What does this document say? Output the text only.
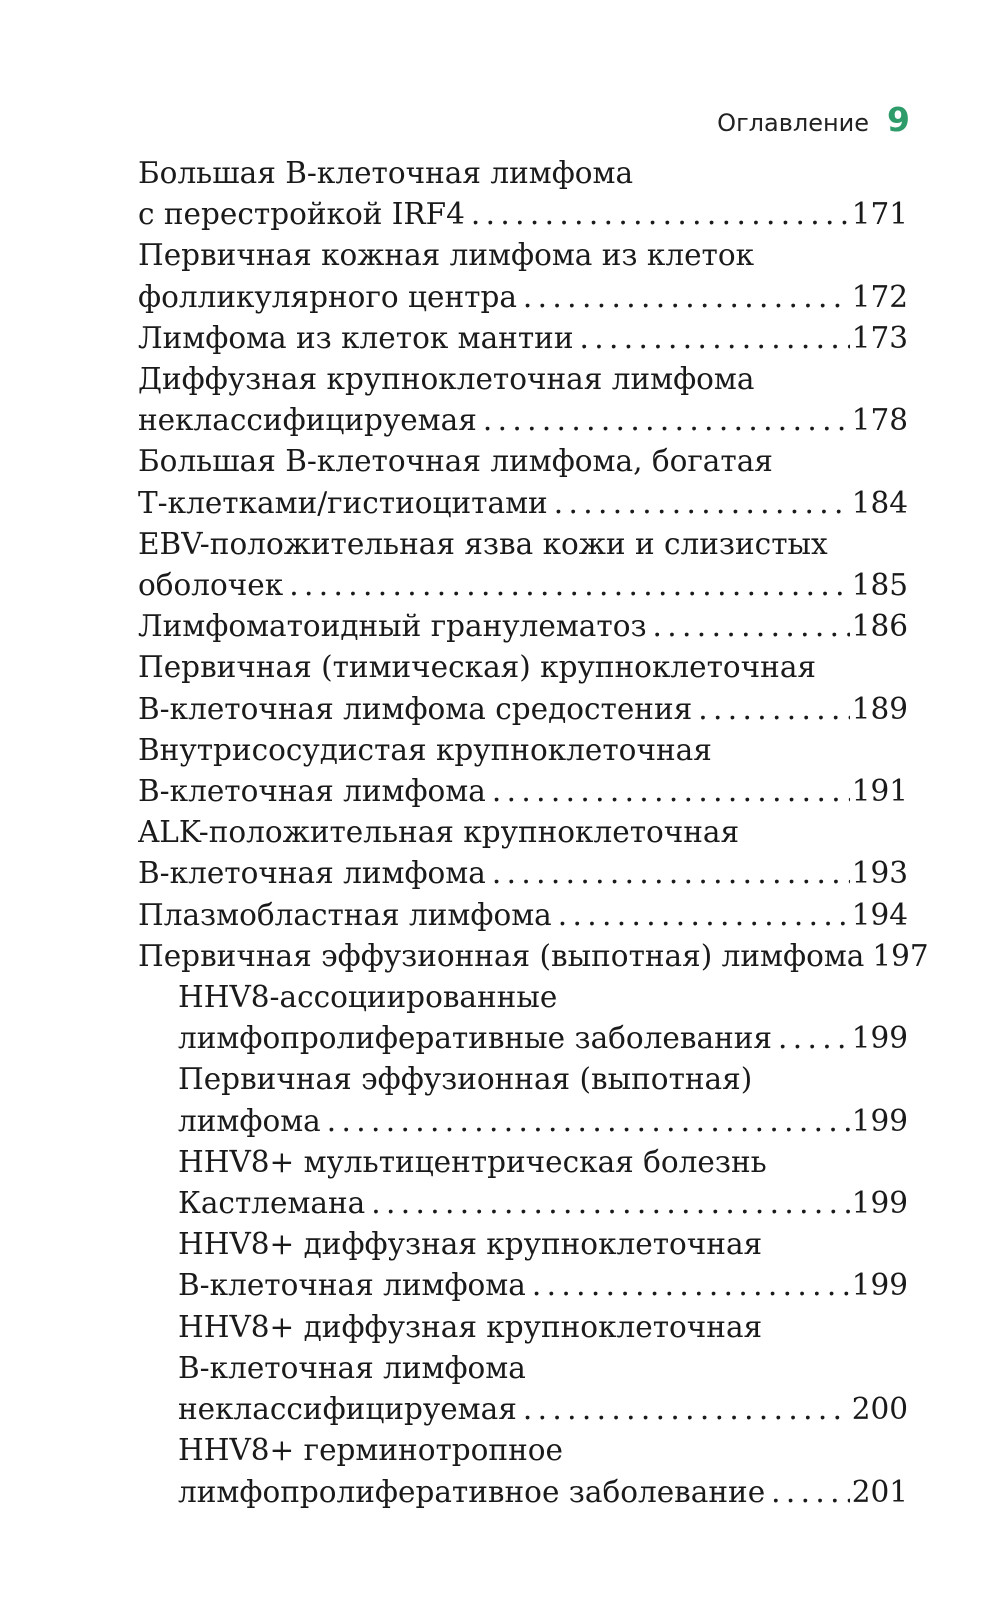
Оглавление 9
Большая В-клеточная лимфома
с перестройкой IRF4 . . .	171
Первичная кожная лимфома из клеток
фолликулярного центра . . .	172
Лимфома из клеток мантии . . .	173
Диффузная крупноклеточная лимфома
неклассифицируемая . . .	178
Большая В-клеточная лимфома, богатая
Т-клетками/гистиоцитами . . .	184
EBV-положительная язва кожи и слизистых
оболочек . . .	185
Лимфоматоидный гранулематоз . . .	186
Первичная (тимическая) крупноклеточная
В-клеточная лимфома средостения . . .	189
Внутрисосудистая крупноклеточная
В-клеточная лимфома . . .	191
ALK-положительная крупноклеточная
В-клеточная лимфома . . .	193
Плазмобластная лимфома . . .	194
Первичная эффузионная (выпотная) лимфома 197
HHV8-ассоциированные
лимфопролиферативные заболевания . . .	199
Первичная эффузионная (выпотная)
лимфома . . .	199
HHV8+ мультицентрическая болезнь
Кастлемана . . .	199
HHV8+ диффузная крупноклеточная
В-клеточная лимфома . . .	199
HHV8+ диффузная крупноклеточная
В-клеточная лимфома
неклассифицируемая . . .	200
HHV8+ герминотропное
лимфопролиферативное заболевание . . .	201
